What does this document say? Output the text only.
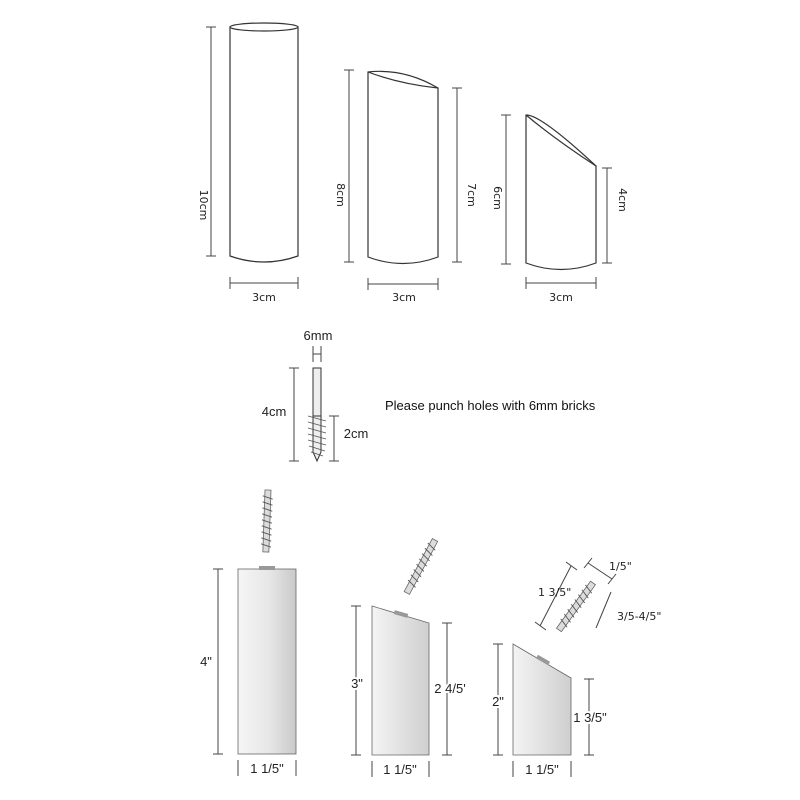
10cm
3cm
8cm	7cm
3cm
6cm	4cm
3cm
6mm
4cm
2cm
Please punch holes with 6mm bricks
4"
1 1/5"
3"	2 4/5'
1 1/5"
1/5"
1 3/5"
3/5-4/5"
2"
1 3/5"
1 1/5"
